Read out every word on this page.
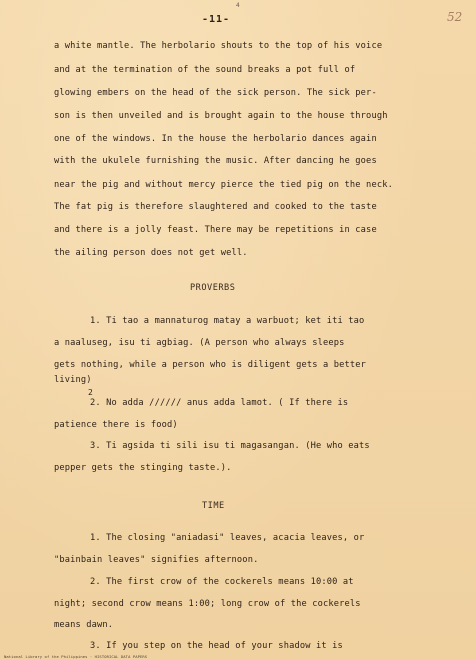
4
-11-	52
a white mantle. The herbolario shouts to the top of his voice
and at the termination of the sound breaks a pot full of
glowing embers on the head of the sick person. The sick per-
son is then unveiled and is brought again to the house through
one of the windows. In the house the herbolario dances again
with the ukulele furnishing the music. After dancing he goes
near the pig and without mercy pierce the tied pig on the neck.
The fat pig is therefore slaughtered and cooked to the taste
and there is a jolly feast. There may be repetitions in case
the ailing person does not get well.
PROVERBS
1. Ti tao a mannaturog matay a warbuot; ket iti tao
a naaluseg, isu ti agbiag. (A person who always sleeps
gets nothing, while a person who is diligent gets a better
living)
2
2. No adda ////// anus adda lamot. ( If there is
patience there is food)
3. Ti agsida ti sili isu ti magasangan. (He who eats
pepper gets the stinging taste.).
TIME
1. The closing "aniadasi" leaves, acacia leaves, or
"bainbain leaves" signifies afternoon.
2. The first crow of the cockerels means 10:00 at
night; second crow means 1:00; long crow of the cockerels
means dawn.
3. If you step on the head of your shadow it is
National Library of the Philippines · HISTORICAL DATA PAPERS
